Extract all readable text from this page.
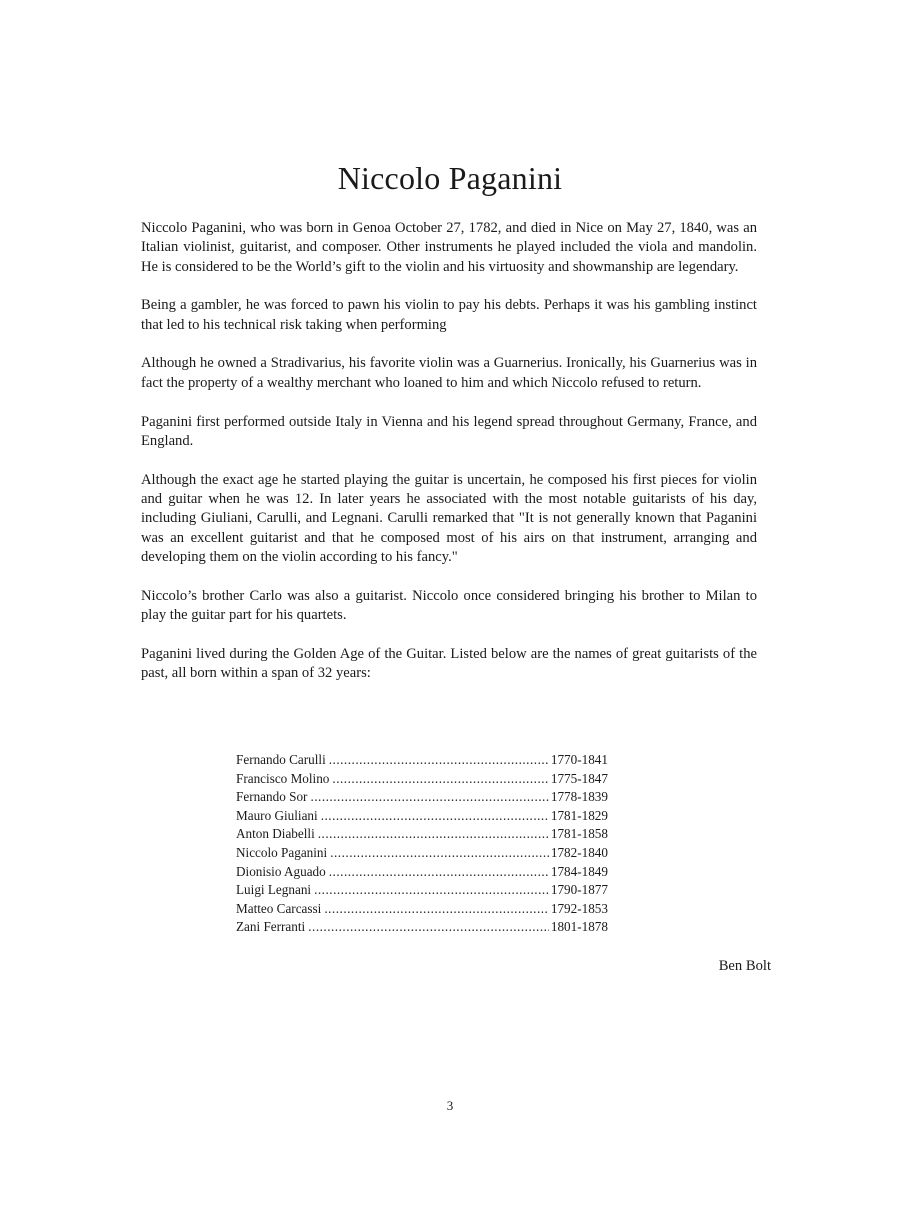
Niccolo Paganini

Niccolo Paganini, who was born in Genoa October 27, 1782, and died in Nice on May 27, 1840, was an Italian violinist, guitarist, and composer. Other instruments he played included the viola and mandolin. He is considered to be the World’s gift to the violin and his virtuosity and showmanship are legendary.

Being a gambler, he was forced to pawn his violin to pay his debts. Perhaps it was his gambling instinct that led to his technical risk taking when performing

Although he owned a Stradivarius, his favorite violin was a Guarnerius. Ironically, his Guarnerius was in fact the property of a wealthy merchant who loaned to him and which Niccolo refused to return.

Paganini first performed outside Italy in Vienna and his legend spread throughout Germany, France, and England.

Although the exact age he started playing the guitar is uncertain, he composed his first pieces for violin and guitar when he was 12. In later years he associated with the most notable guitarists of his day, including Giuliani, Carulli, and Legnani. Carulli remarked that "It is not generally known that Paganini was an excellent guitarist and that he composed most of his airs on that instrument, arranging and developing them on the violin according to his fancy."

Niccolo’s brother Carlo was also a guitarist. Niccolo once considered bringing his brother to Milan to play the guitar part for his quartets.

Paganini lived during the Golden Age of the Guitar. Listed below are the names of great guitarists of the past, all born within a span of 32 years:

Fernando Carulli .....	1770-1841
Francisco Molino .....	1775-1847
Fernando Sor .....	1778-1839
Mauro Giuliani .....	1781-1829
Anton Diabelli .....	1781-1858
Niccolo Paganini .....	1782-1840
Dionisio Aguado .....	1784-1849
Luigi Legnani .....	1790-1877
Matteo Carcassi .....	1792-1853
Zani Ferranti .....	1801-1878
Ben Bolt
3
